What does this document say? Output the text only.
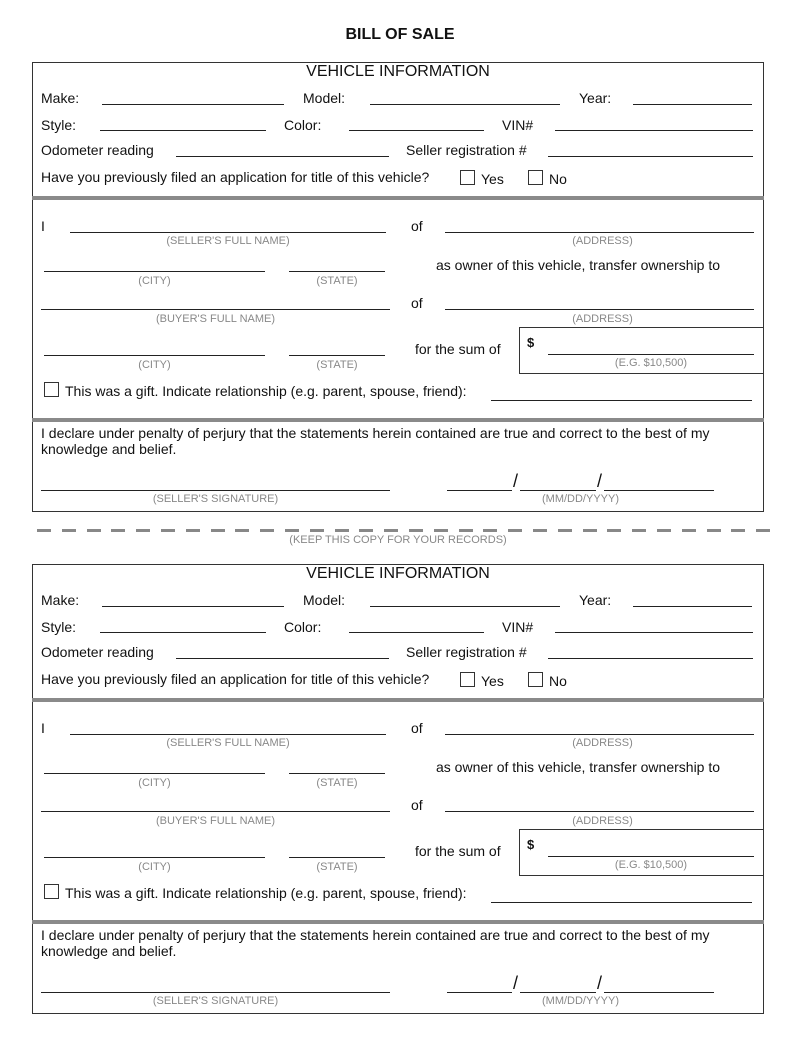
BILL OF SALE
VEHICLE INFORMATION
Make:	Model:	Year:
Style:	Color:	VIN#
Odometer reading	Seller registration #
Have you previously filed an application for title of this vehicle?	Yes	No
I
(SELLER'S FULL NAME)
of
(ADDRESS)
(CITY)	(STATE)
as owner of this vehicle, transfer ownership to
(BUYER'S FULL NAME)
of
(ADDRESS)
(CITY)	(STATE)
for the sum of $
(E.G. $10,500)
This was a gift. Indicate relationship (e.g. parent, spouse, friend):
I declare under penalty of perjury that the statements herein contained are true and correct to the best of my knowledge and belief.
(SELLER'S SIGNATURE)
/	/
(MM/DD/YYYY)
(KEEP THIS COPY FOR YOUR RECORDS)
VEHICLE INFORMATION
Make:	Model:	Year:
Style:	Color:	VIN#
Odometer reading	Seller registration #
Have you previously filed an application for title of this vehicle?	Yes	No
I
(SELLER'S FULL NAME)
of
(ADDRESS)
(CITY)	(STATE)
as owner of this vehicle, transfer ownership to
(BUYER'S FULL NAME)
of
(ADDRESS)
(CITY)	(STATE)
for the sum of $
(E.G. $10,500)
This was a gift. Indicate relationship (e.g. parent, spouse, friend):
I declare under penalty of perjury that the statements herein contained are true and correct to the best of my knowledge and belief.
(SELLER'S SIGNATURE)
/	/
(MM/DD/YYYY)
